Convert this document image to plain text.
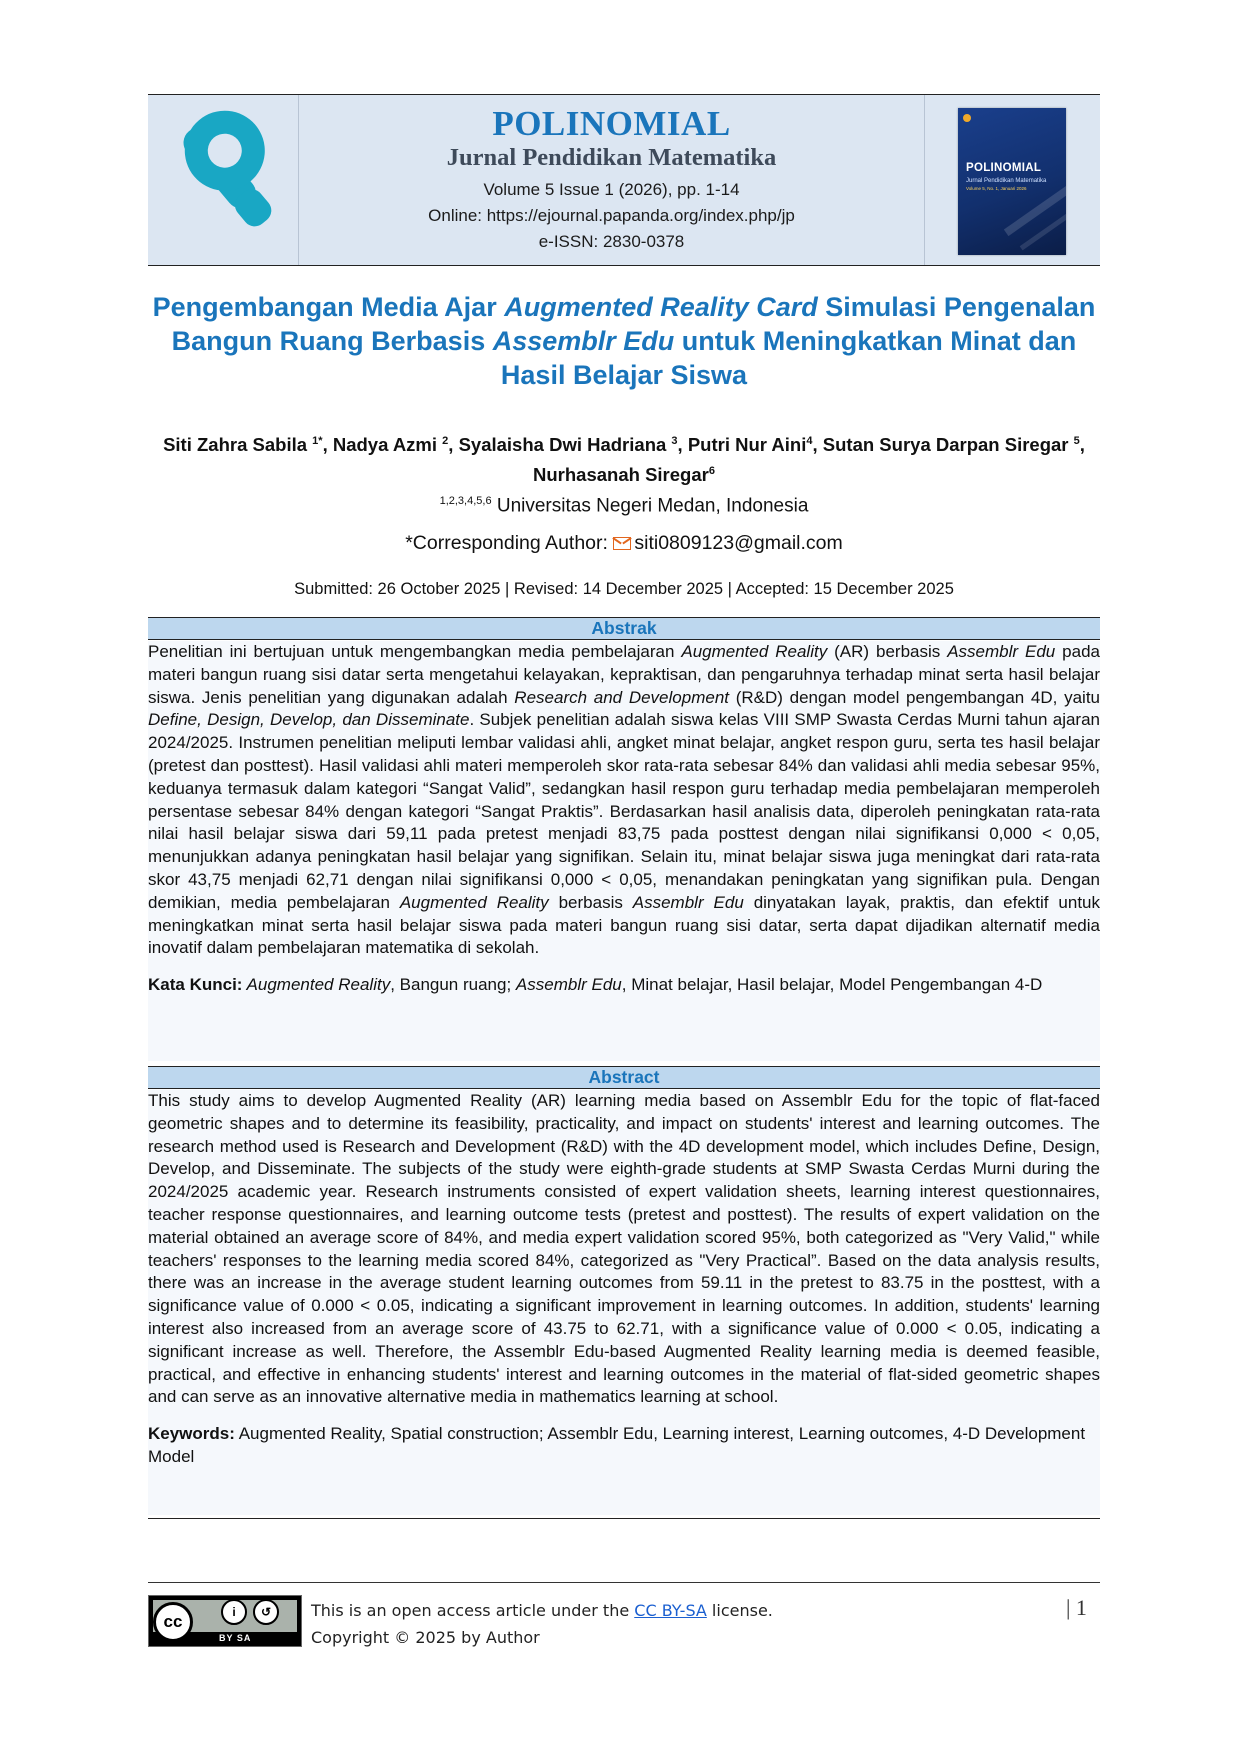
POLINOMIAL
Jurnal Pendidikan Matematika
Volume 5 Issue 1 (2026), pp. 1-14
Online: https://ejournal.papanda.org/index.php/jp
e-ISSN: 2830-0378
POLINOMIAL
Jurnal Pendidikan Matematika
Volume 5, No. 1, Januari 2026
Pengembangan Media Ajar Augmented Reality Card Simulasi Pengenalan Bangun Ruang Berbasis Assemblr Edu untuk Meningkatkan Minat dan Hasil Belajar Siswa
Siti Zahra Sabila $^{1*}$, Nadya Azmi $^2$, Syalaisha Dwi Hadriana $^3$, Putri Nur Aini$^4$, Sutan Surya Darpan Siregar $^5$, Nurhasanah Siregar$^6$
$^{1,2,3,4,5,6}$ Universitas Negeri Medan, Indonesia
*Corresponding Author: siti0809123@gmail.com
Submitted: 26 October 2025 | Revised: 14 December 2025 | Accepted: 15 December 2025
Abstrak

Penelitian ini bertujuan untuk mengembangkan media pembelajaran Augmented Reality (AR) berbasis Assemblr Edu pada materi bangun ruang sisi datar serta mengetahui kelayakan, kepraktisan, dan pengaruhnya terhadap minat serta hasil belajar siswa. Jenis penelitian yang digunakan adalah Research and Development (R&D) dengan model pengembangan 4D, yaitu Define, Design, Develop, dan Disseminate. Subjek penelitian adalah siswa kelas VIII SMP Swasta Cerdas Murni tahun ajaran 2024/2025. Instrumen penelitian meliputi lembar validasi ahli, angket minat belajar, angket respon guru, serta tes hasil belajar (pretest dan posttest). Hasil validasi ahli materi memperoleh skor rata-rata sebesar 84% dan validasi ahli media sebesar 95%, keduanya termasuk dalam kategori “Sangat Valid”, sedangkan hasil respon guru terhadap media pembelajaran memperoleh persentase sebesar 84% dengan kategori “Sangat Praktis”. Berdasarkan hasil analisis data, diperoleh peningkatan rata-rata nilai hasil belajar siswa dari 59,11 pada pretest menjadi 83,75 pada posttest dengan nilai signifikansi 0,000 < 0,05, menunjukkan adanya peningkatan hasil belajar yang signifikan. Selain itu, minat belajar siswa juga meningkat dari rata-rata skor 43,75 menjadi 62,71 dengan nilai signifikansi 0,000 < 0,05, menandakan peningkatan yang signifikan pula. Dengan demikian, media pembelajaran Augmented Reality berbasis Assemblr Edu dinyatakan layak, praktis, dan efektif untuk meningkatkan minat serta hasil belajar siswa pada materi bangun ruang sisi datar, serta dapat dijadikan alternatif media inovatif dalam pembelajaran matematika di sekolah.

Kata Kunci: Augmented Reality, Bangun ruang; Assemblr Edu, Minat belajar, Hasil belajar, Model Pengembangan 4-D

Abstract

This study aims to develop Augmented Reality (AR) learning media based on Assemblr Edu for the topic of flat-faced geometric shapes and to determine its feasibility, practicality, and impact on students' interest and learning outcomes. The research method used is Research and Development (R&D) with the 4D development model, which includes Define, Design, Develop, and Disseminate. The subjects of the study were eighth-grade students at SMP Swasta Cerdas Murni during the 2024/2025 academic year. Research instruments consisted of expert validation sheets, learning interest questionnaires, teacher response questionnaires, and learning outcome tests (pretest and posttest). The results of expert validation on the material obtained an average score of 84%, and media expert validation scored 95%, both categorized as "Very Valid," while teachers' responses to the learning media scored 84%, categorized as "Very Practical”. Based on the data analysis results, there was an increase in the average student learning outcomes from 59.11 in the pretest to 83.75 in the posttest, with a significance value of 0.000 < 0.05, indicating a significant improvement in learning outcomes. In addition, students' learning interest also increased from an average score of 43.75 to 62.71, with a significance value of 0.000 < 0.05, indicating a significant increase as well. Therefore, the Assemblr Edu-based Augmented Reality learning media is deemed feasible, practical, and effective in enhancing students' interest and learning outcomes in the material of flat-sided geometric shapes and can serve as an innovative alternative media in mathematics learning at school.

Keywords: Augmented Reality, Spatial construction; Assemblr Edu, Learning interest, Learning outcomes, 4-D Development Model

cc	i	↺
BY SA
This is an open access article under the CC BY-SA license.
Copyright © 2025 by Author
| 1
